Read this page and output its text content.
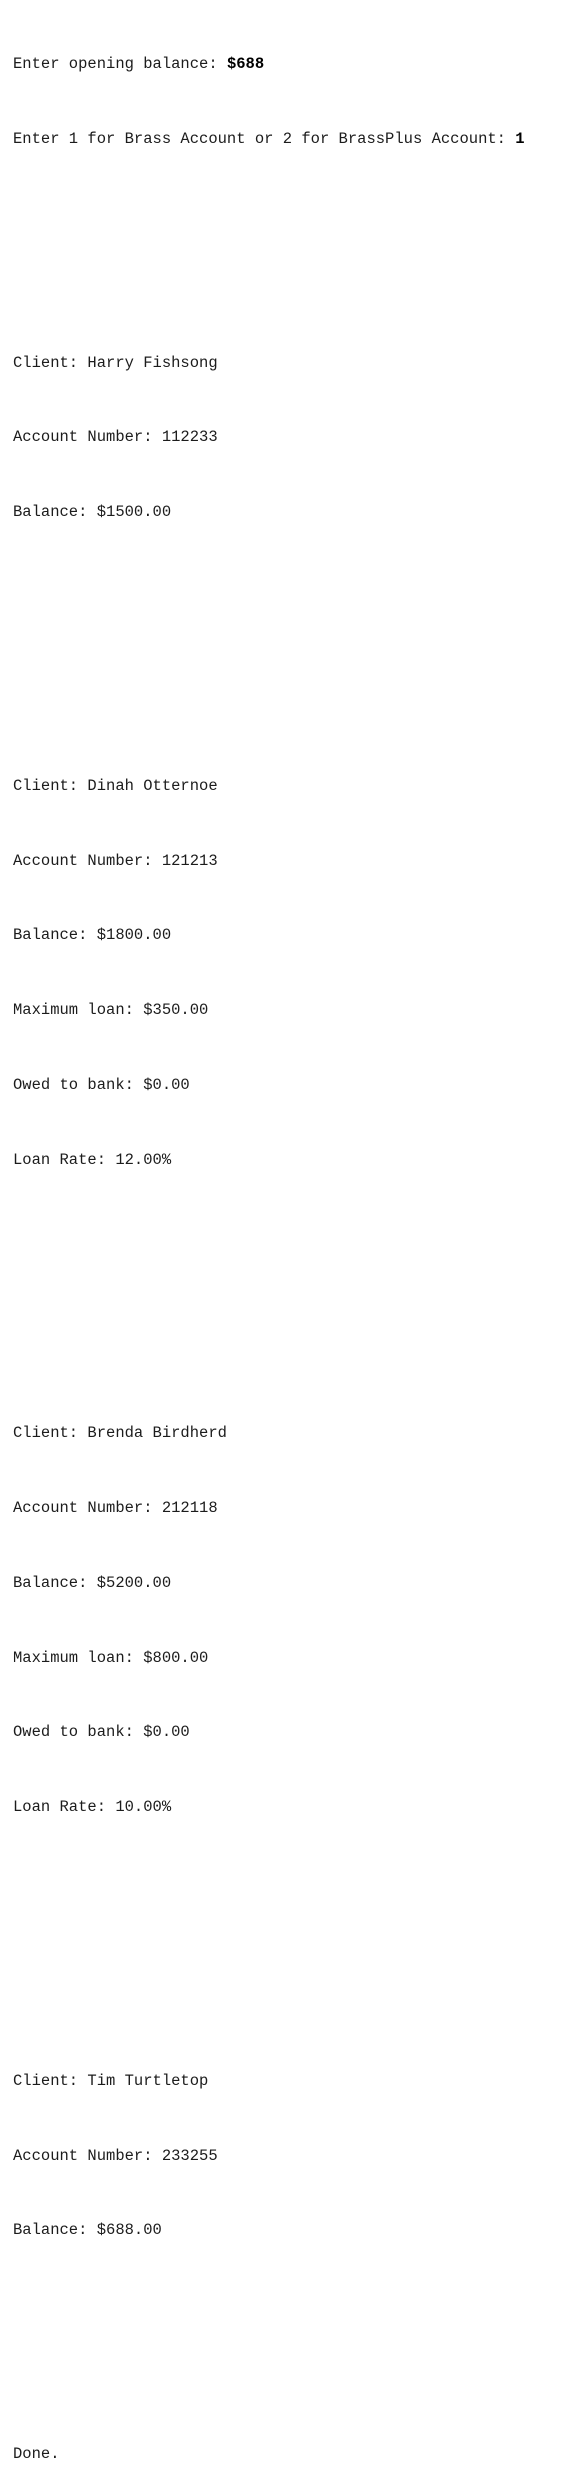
Enter opening balance: $688

Enter 1 for Brass Account or 2 for BrassPlus Account: 1

Client: Harry Fishsong

Account Number: 112233

Balance: $1500.00

Client: Dinah Otternoe

Account Number: 121213

Balance: $1800.00

Maximum loan: $350.00

Owed to bank: $0.00

Loan Rate: 12.00%

Client: Brenda Birdherd

Account Number: 212118

Balance: $5200.00

Maximum loan: $800.00

Owed to bank: $0.00

Loan Rate: 10.00%

Client: Tim Turtletop

Account Number: 233255

Balance: $688.00

Done.
